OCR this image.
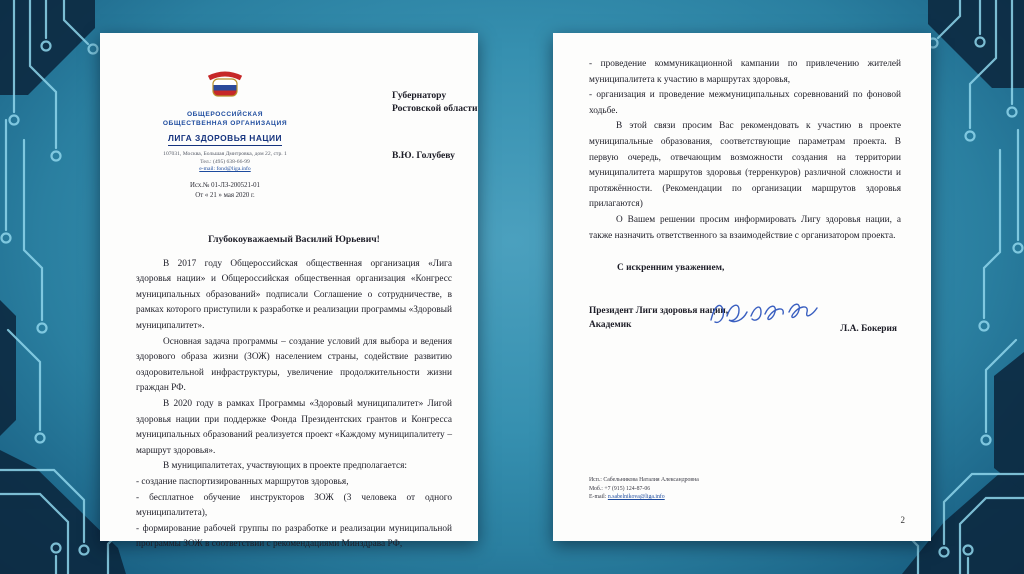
ОБЩЕРОССИЙСКАЯ
ОБЩЕСТВЕННАЯ ОРГАНИЗАЦИЯ
ЛИГА ЗДОРОВЬЯ НАЦИИ
107031, Москва, Большая Дмитровка, дом 22, стр. 1
Тел.: (495) 638-66-99
e-mail: fond@liga.info
Исх.№ 01-ЛЗ-200521-01
От « 21 » мая 2020 г.
Губернатору
Ростовской области
В.Ю. Голубеву
Глубокоуважаемый Василий Юрьевич!

В 2017 году Общероссийская общественная организация «Лига здоровья нации» и Общероссийская общественная организация «Конгресс муниципальных образований» подписали Соглашение о сотрудничестве, в рамках которого приступили к разработке и реализации программы «Здоровый муниципалитет».

Основная задача программы – создание условий для выбора и ведения здорового образа жизни (ЗОЖ) населением страны, содействие развитию оздоровительной инфраструктуры, увеличение продолжительности жизни граждан РФ.

В 2020 году в рамках Программы «Здоровый муниципалитет» Лигой здоровья нации при поддержке Фонда Президентских грантов и Конгресса муниципальных образований реализуется проект «Каждому муниципалитету – маршрут здоровья».

В муниципалитетах, участвующих в проекте предполагается:

- создание паспортизированных маршрутов здоровья,

- бесплатное обучение инструкторов ЗОЖ (3 человека от одного муниципалитета),

- формирование рабочей группы по разработке и реализации муниципальной программы ЗОЖ в соответствии с рекомендациями Минздрава РФ,

- проведение коммуникационной кампании по привлечению жителей муниципалитета к участию в маршрутах здоровья,

- организация и проведение межмуниципальных соревнований по фоновой ходьбе.

В этой связи просим Вас рекомендовать к участию в проекте муниципальные образования, соответствующие параметрам проекта. В первую очередь, отвечающим возможности создания на территории муниципалитета маршрутов здоровья (терренкуров) различной сложности и протяжённости. (Рекомендации по организации маршрутов здоровья прилагаются)

О Вашем решении просим информировать Лигу здоровья нации, а также назначить ответственного за взаимодействие с организатором проекта.

С искренним уважением,
Президент Лиги здоровья нации,
Академик	Л.А. Бокерия
Исп.: Сабельникова Наталия Александровна
Моб.: +7 (915) 124-87-06
E-mail: n.sabelnikova@liga.info
2
